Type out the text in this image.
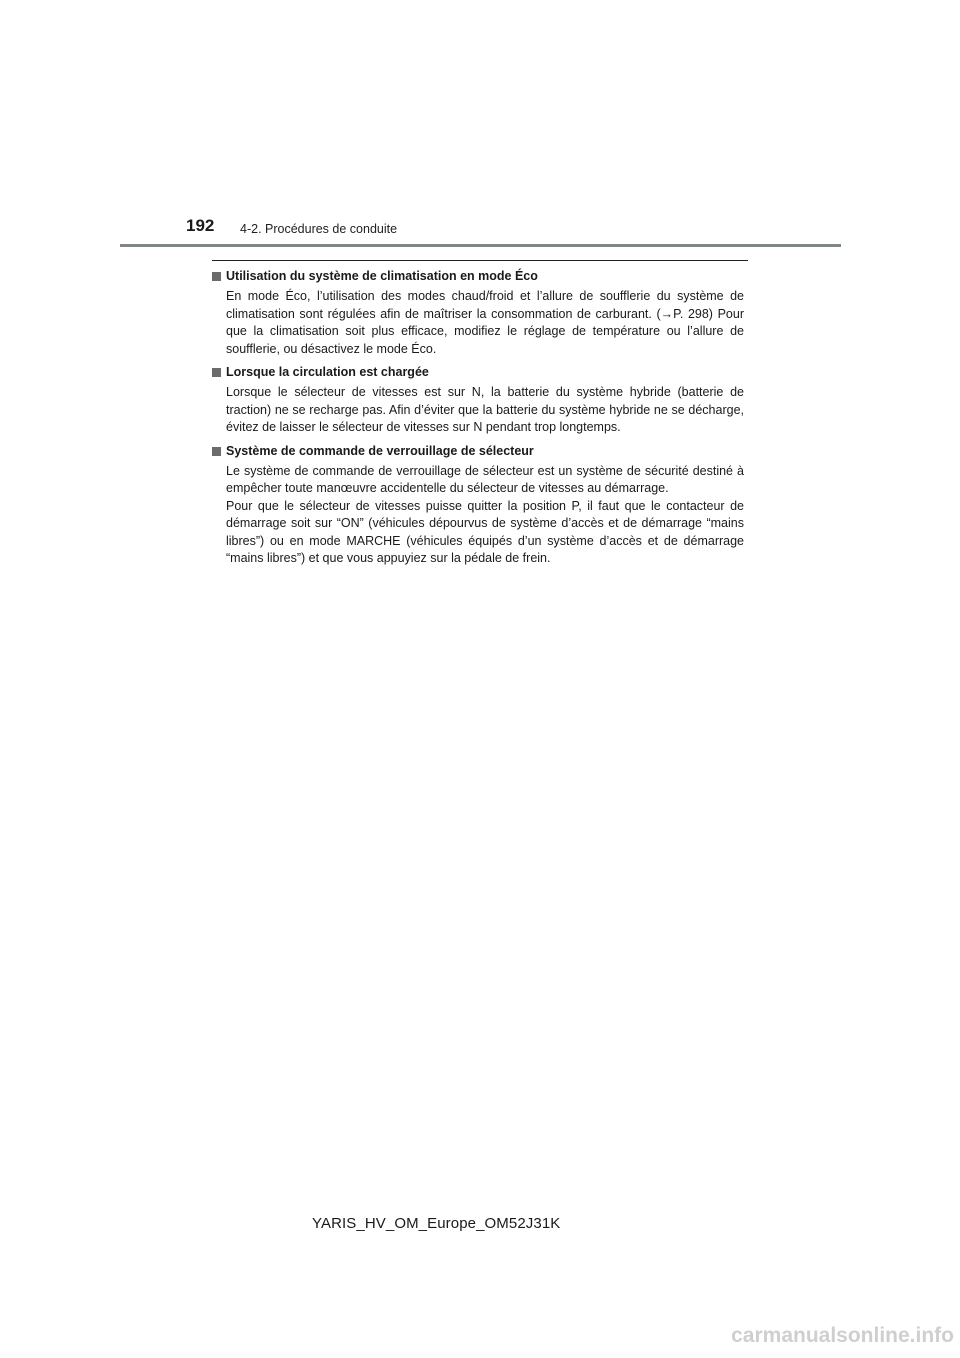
192 4-2. Procédures de conduite

Utilisation du système de climatisation en mode Éco

En mode Éco, l’utilisation des modes chaud/froid et l’allure de soufflerie du système de climatisation sont régulées afin de maîtriser la consommation de carburant. (→P. 298) Pour que la climatisation soit plus efficace, modifiez le réglage de température ou l’allure de soufflerie, ou désactivez le mode Éco.

Lorsque la circulation est chargée

Lorsque le sélecteur de vitesses est sur N, la batterie du système hybride (batterie de traction) ne se recharge pas. Afin d’éviter que la batterie du système hybride ne se décharge, évitez de laisser le sélecteur de vitesses sur N pendant trop longtemps.

Système de commande de verrouillage de sélecteur

Le système de commande de verrouillage de sélecteur est un système de sécurité destiné à empêcher toute manœuvre accidentelle du sélecteur de vitesses au démarrage.

Pour que le sélecteur de vitesses puisse quitter la position P, il faut que le contacteur de démarrage soit sur “ON” (véhicules dépourvus de système d’accès et de démarrage “mains libres”) ou en mode MARCHE (véhicules équipés d’un système d’accès et de démarrage “mains libres”) et que vous appuyiez sur la pédale de frein.

YARIS_HV_OM_Europe_OM52J31K
carmanualsonline.info
